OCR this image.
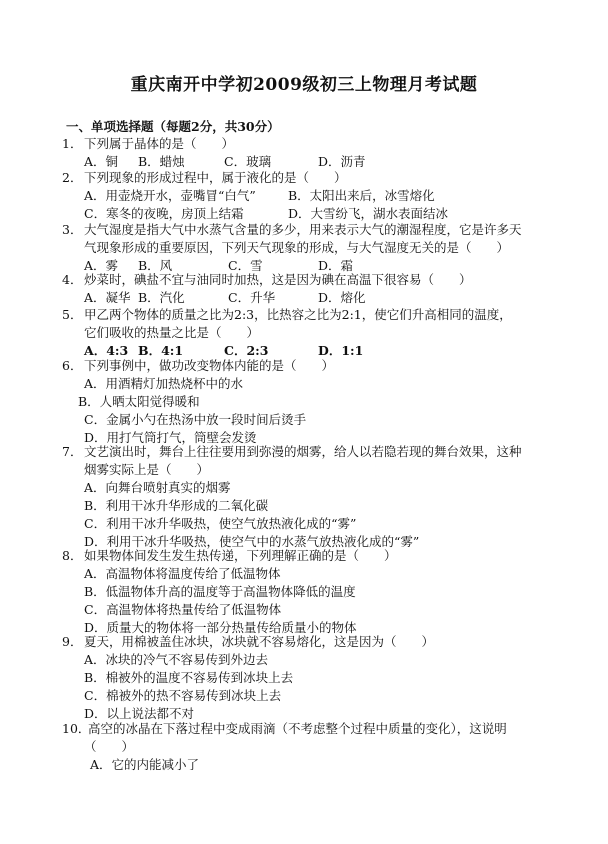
重庆南开中学初2009级初三上物理月考试题
一、单项选择题（每题2分，共30分）
1． 下列属于晶体的是（　　）
A．铜 B．蜡烛	C．玻璃	D．沥青
2． 下列现象的形成过程中，属于液化的是（　　）
A．用壶烧开水，壶嘴冒“白气”	B．太阳出来后，冰雪熔化
C．寒冬的夜晚，房顶上结霜	D．大雪纷飞，湖水表面结冰
3． 大气湿度是指大气中水蒸气含量的多少，用来表示大气的潮湿程度，它是许多天
气现象形成的重要原因，下列天气现象的形成，与大气湿度无关的是（　　）
A．雾 B．风	C．雪	D．霜
4． 炒菜时，碘盐不宜与油同时加热，这是因为碘在高温下很容易（　　）
A．凝华 B．汽化	C．升华	D．熔化
5． 甲乙两个物体的质量之比为2:3，比热容之比为2:1，使它们升高相同的温度，
它们吸收的热量之比是（　　）
A．4:3 B．4:1	C．2:3	D．1:1
6． 下列事例中，做功改变物体内能的是（　　）
A．用酒精灯加热烧杯中的水
B．人晒太阳觉得暖和
C．金属小勺在热汤中放一段时间后烫手
D．用打气筒打气，筒壁会发烫
7． 文艺演出时，舞台上往往要用到弥漫的烟雾，给人以若隐若现的舞台效果，这种
烟雾实际上是（　　）
A．向舞台喷射真实的烟雾
B．利用干冰升华形成的二氧化碳
C．利用干冰升华吸热，使空气放热液化成的“雾”
D．利用干冰升华吸热，使空气中的水蒸气放热液化成的“雾”
8． 如果物体间发生发生热传递，下列理解正确的是（　　）
A．高温物体将温度传给了低温物体
B．低温物体升高的温度等于高温物体降低的温度
C．高温物体将热量传给了低温物体
D．质量大的物体将一部分热量传给质量小的物体
9． 夏天，用棉被盖住冰块，冰块就不容易熔化，这是因为（　　）
A．冰块的冷气不容易传到外边去
B．棉被外的温度不容易传到冰块上去
C．棉被外的热不容易传到冰块上去
D．以上说法都不对
10．
高空的冰晶在下落过程中变成雨滴（不考虑整个过程中质量的变化），这说明
（　　）
A．它的内能减小了
